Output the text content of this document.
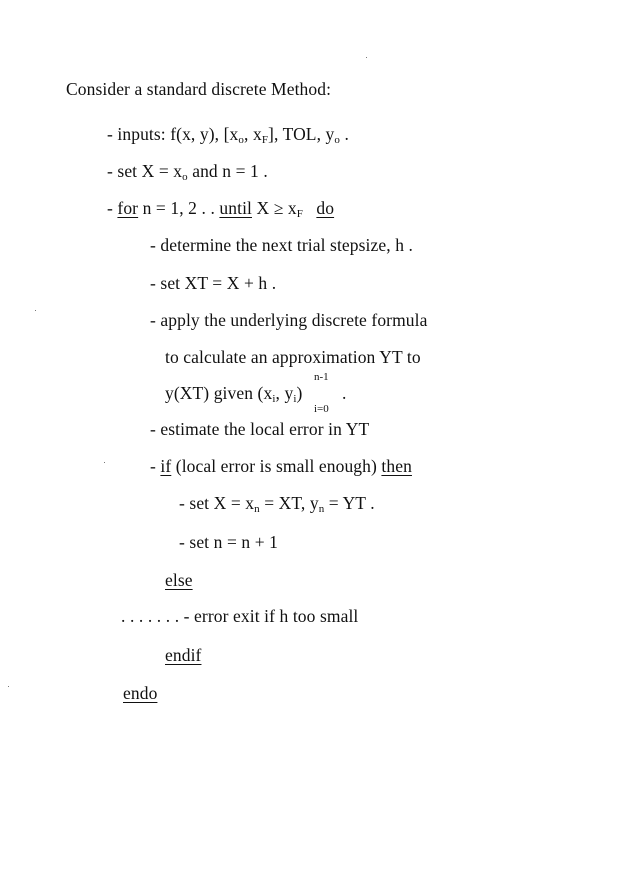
Consider a standard discrete Method:
- inputs: f(x, y), [$x_o$, $x_F$], TOL, $y_o$ .
- set $X = x_o$ and n = 1 .
- for n = 1, 2 . . until $X \ge x_F$ do
- determine the next trial stepsize, h .
- set XT = X + h .
- apply the underlying discrete formula
to calculate an approximation YT to
y(XT) given ($x_i$, $y_i$)
n-1
i=0
.
- estimate the local error in YT
- if (local error is small enough) then
- set $X = x_n$ = XT, $y_n$ = YT .
- set n = n + 1
else
. . . . . . . - error exit if h too small
endif
endo
